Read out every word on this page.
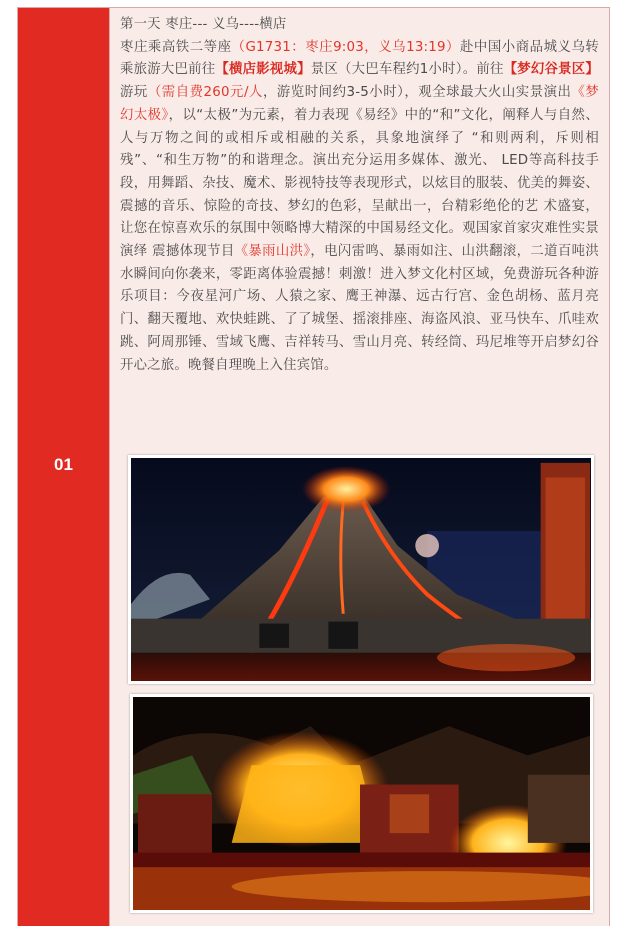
01
第一天 枣庄--- 义乌----横店
枣庄乘高铁二等座（G1731：枣庄9:03，义乌13:19）赴中国小商品城义乌转乘旅游大巴前往【横店影视城】景区（大巴车程约1小时）。前往【梦幻谷景区】游玩（需自费260元/人，游览时间约3-5小时），观全球最大火山实景演出《梦幻太极》，以“太极”为元素，着力表现《易经》中的“和”文化，阐释人与自然、人与万物之间的或相斥或相融的关系，具象地演绎了 “和则两利，斥则相残”、“和生万物”的和谐理念。演出充分运用多媒体、激光、 LED等高科技手段，用舞蹈、杂技、魔术、影视特技等表现形式，以炫目的服装、优美的舞姿、震撼的音乐、惊险的奇技、梦幻的色彩，呈献出一，台精彩绝伦的艺 术盛宴，让您在惊喜欢乐的氛围中领略博大精深的中国易经文化。观国家首家灾难性实景演绎 震撼体现节目《暴雨山洪》，电闪雷鸣、暴雨如注、山洪翻滚，二道百吨洪水瞬间向你袭来，零距离体验震撼！刺激！进入梦文化村区域，免费游玩各种游乐项目：今夜星河广场、人猿之家、鹰王神瀑、远古行宫、金色胡杨、蓝月亮门、翻天覆地、欢快蛙跳、了了城堡、摇滚排座、海盗风浪、亚马快车、爪哇欢跳、阿周那锤、雪域飞鹰、吉祥转马、雪山月亮、转经筒、玛尼堆等开启梦幻谷开心之旅。晚餐自理晚上入住宾馆。
